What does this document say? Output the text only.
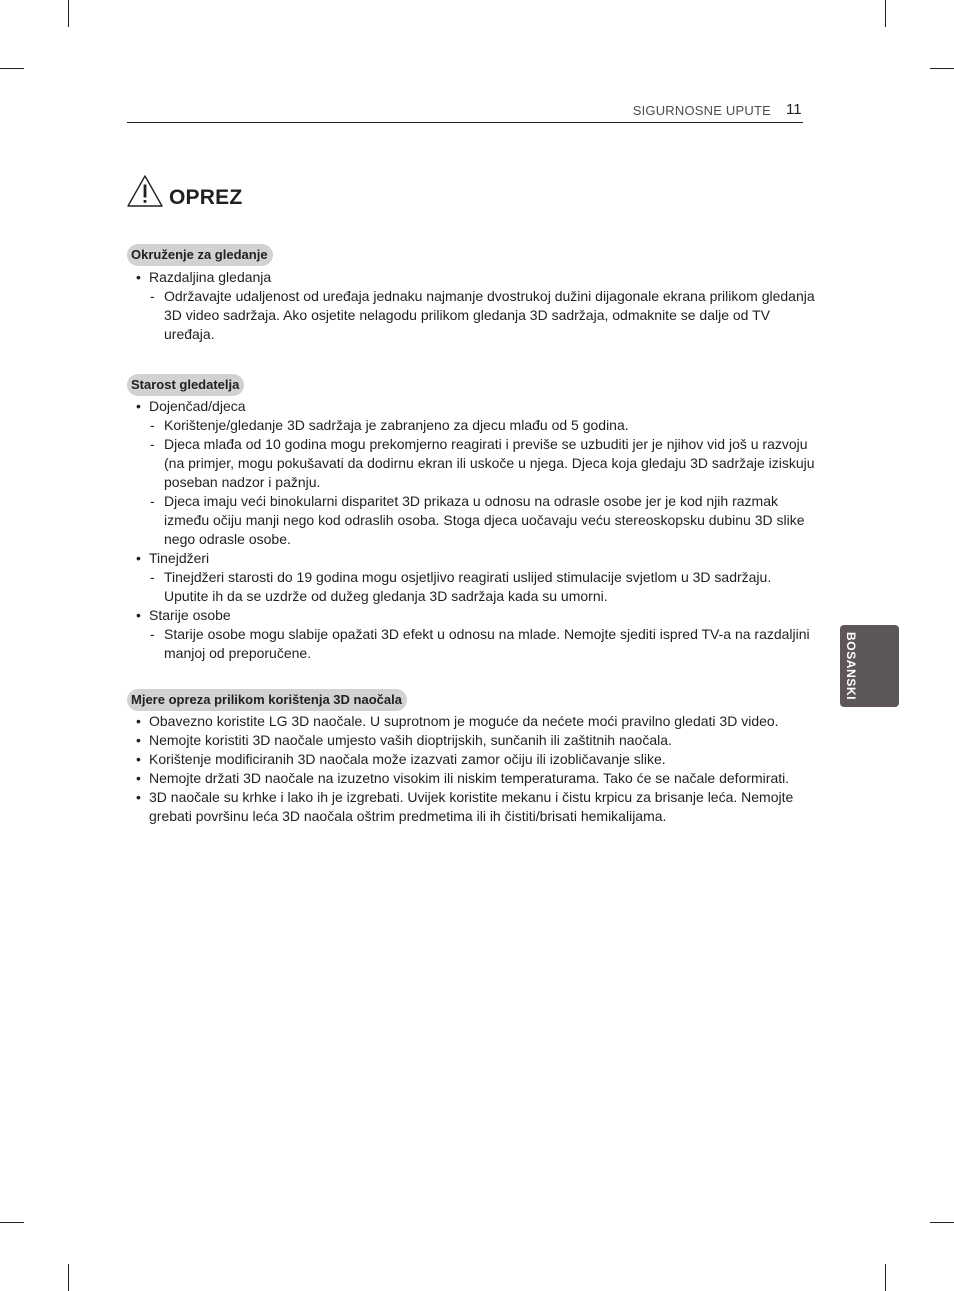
SIGURNOSNE UPUTE 11
OPREZ
Okruženje za gledanje
• Razdaljina gledanja
- Održavajte udaljenost od uređaja jednaku najmanje dvostrukoj dužini dijagonale ekrana prilikom gledanja 3D video sadržaja. Ako osjetite nelagodu prilikom gledanja 3D sadržaja, odmaknite se dalje od TV uređaja.
Starost gledatelja
• Dojenčad/djeca
- Korištenje/gledanje 3D sadržaja je zabranjeno za djecu mlađu od 5 godina.
- Djeca mlađa od 10 godina mogu prekomjerno reagirati i previše se uzbuditi jer je njihov vid još u razvoju (na primjer, mogu pokušavati da dodirnu ekran ili uskoče u njega. Djeca koja gledaju 3D sadržaje iziskuju poseban nadzor i pažnju.
- Djeca imaju veći binokularni disparitet 3D prikaza u odnosu na odrasle osobe jer je kod njih razmak između očiju manji nego kod odraslih osoba. Stoga djeca uočavaju veću stereoskopsku dubinu 3D slike nego odrasle osobe.
• Tinejdžeri
- Tinejdžeri starosti do 19 godina mogu osjetljivo reagirati uslijed stimulacije svjetlom u 3D sadržaju. Uputite ih da se uzdrže od dužeg gledanja 3D sadržaja kada su umorni.
• Starije osobe
- Starije osobe mogu slabije opažati 3D efekt u odnosu na mlade. Nemojte sjediti ispred TV-a na razdaljini manjoj od preporučene.
Mjere opreza prilikom korištenja 3D naočala
• Obavezno koristite LG 3D naočale. U suprotnom je moguće da nećete moći pravilno gledati 3D video.
• Nemojte koristiti 3D naočale umjesto vaših dioptrijskih, sunčanih ili zaštitnih naočala.
• Korištenje modificiranih 3D naočala može izazvati zamor očiju ili izobličavanje slike.
• Nemojte držati 3D naočale na izuzetno visokim ili niskim temperaturama. Tako će se načale deformirati.
• 3D naočale su krhke i lako ih je izgrebati. Uvijek koristite mekanu i čistu krpicu za brisanje leća. Nemojte grebati površinu leća 3D naočala oštrim predmetima ili ih čistiti/brisati hemikalijama.
BOSANSKI
